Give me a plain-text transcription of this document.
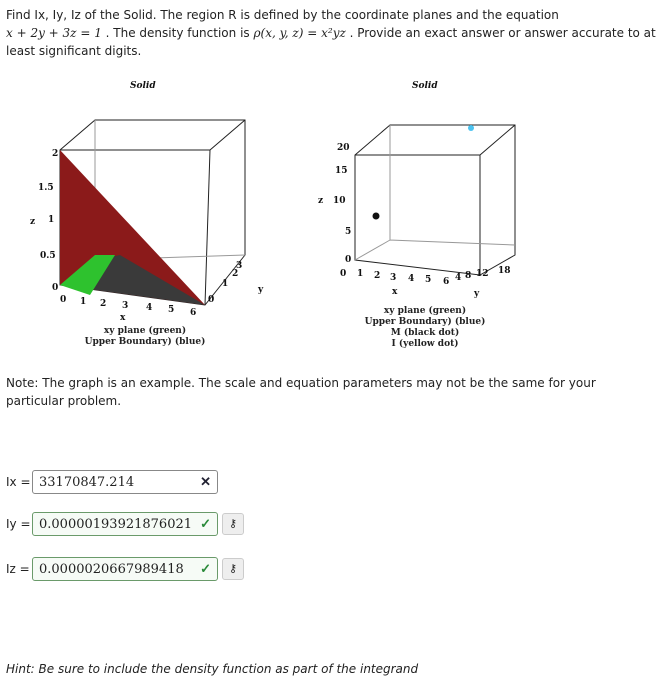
Find Ix, Iy, Iz of the Solid. The region R is defined by the coordinate planes and the equation
x + 2y + 3z = 1 . The density function is ρ(x, y, z) = x²yz . Provide an exact answer or answer accurate to at least significant digits.
Solid
z
0
0.5
1
1.5
2
0 1 2 3 4 5 6
x
0
1
2
3
y
Solid
z
0
5
10
15
20
0 1 2 3 4 5 6
x
4 8 12 18
y
xy plane (green)
Upper Boundary) (blue)
xy plane (green)
Upper Boundary) (blue)
M (black dot)
I (yellow dot)
Note: The graph is an example. The scale and equation parameters may not be the same for your particular problem.
Ix = 33170847.214	✕
Iy = 0.00000193921876021 ✓	⚷
Iz = 0.0000020667989418 ✓	⚷
Hint: Be sure to include the density function as part of the integrand
